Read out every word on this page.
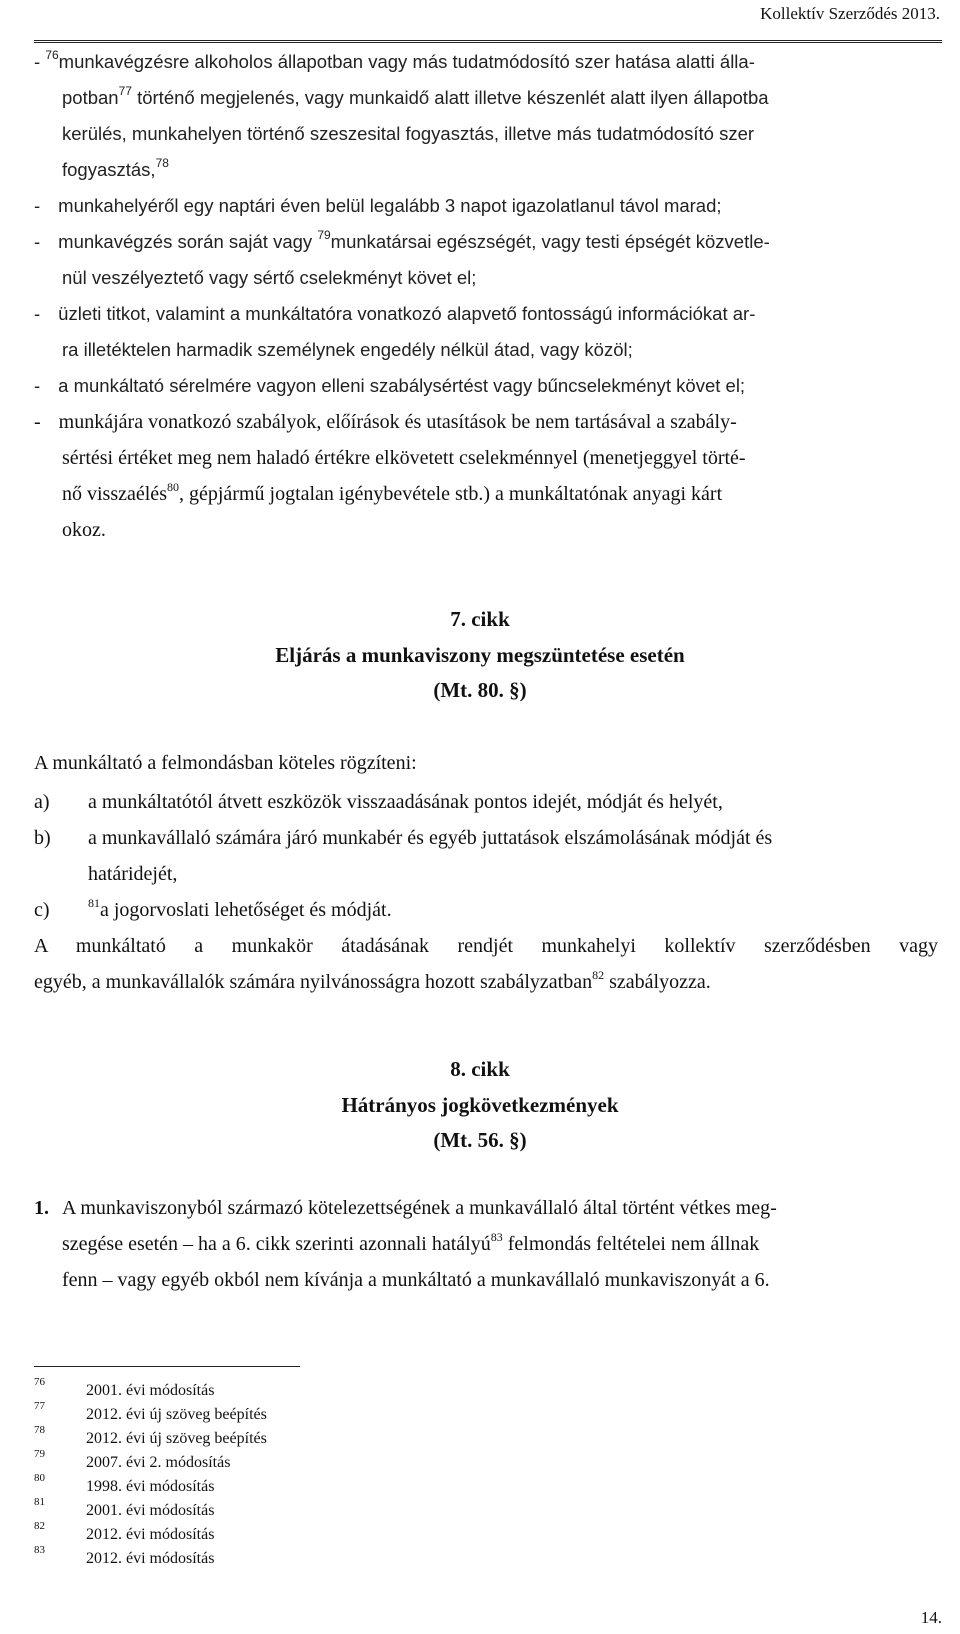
Kollektív Szerződés 2013.
- $^{76}$munkavégzésre alkoholos állapotban vagy más tudatmódosító szer hatása alatti álla-
potban$^{77}$ történő megjelenés, vagy munkaidő alatt illetve készenlét alatt ilyen állapotba
kerülés, munkahelyen történő szeszesital fogyasztás, illetve más tudatmódosító szer
fogyasztás,$^{78}$
- munkahelyéről egy naptári éven belül legalább 3 napot igazolatlanul távol marad;
- munkavégzés során saját vagy $^{79}$munkatársai egészségét, vagy testi épségét közvetle-
nül veszélyeztető vagy sértő cselekményt követ el;
- üzleti titkot, valamint a munkáltatóra vonatkozó alapvető fontosságú információkat ar-
ra illetéktelen harmadik személynek engedély nélkül átad, vagy közöl;
- a munkáltató sérelmére vagyon elleni szabálysértést vagy bűncselekményt követ el;
- munkájára vonatkozó szabályok, előírások és utasítások be nem tartásával a szabály-
sértési értéket meg nem haladó értékre elkövetett cselekménnyel (menetjeggyel törté-
nő visszaélés$^{80}$, gépjármű jogtalan igénybevétele stb.) a munkáltatónak anyagi kárt
okoz.
7. cikk
Eljárás a munkaviszony megszüntetése esetén
(Mt. 80. §)
A munkáltató a felmondásban köteles rögzíteni:
a) a munkáltatótól átvett eszközök visszaadásának pontos idejét, módját és helyét,
b) a munkavállaló számára járó munkabér és egyéb juttatások elszámolásának módját és
határidejét,
c)	$^{81}$a jogorvoslati lehetőséget és módját.
A munkáltató a munkakör átadásának rendjét munkahelyi kollektív szerződésben vagy
egyéb, a munkavállalók számára nyilvánosságra hozott szabályzatban$^{82}$ szabályozza.
8. cikk
Hátrányos jogkövetkezmények
(Mt. 56. §)
1. A munkaviszonyból származó kötelezettségének a munkavállaló által történt vétkes meg-
szegése esetén – ha a 6. cikk szerinti azonnali hatályú$^{83}$ felmondás feltételei nem állnak
fenn – vagy egyéb okból nem kívánja a munkáltató a munkavállaló munkaviszonyát a 6.
76	2001. évi módosítás
77	2012. évi új szöveg beépítés
78	2012. évi új szöveg beépítés
79	2007. évi 2. módosítás
80	1998. évi módosítás
81	2001. évi módosítás
82	2012. évi módosítás
83	2012. évi módosítás
14.
